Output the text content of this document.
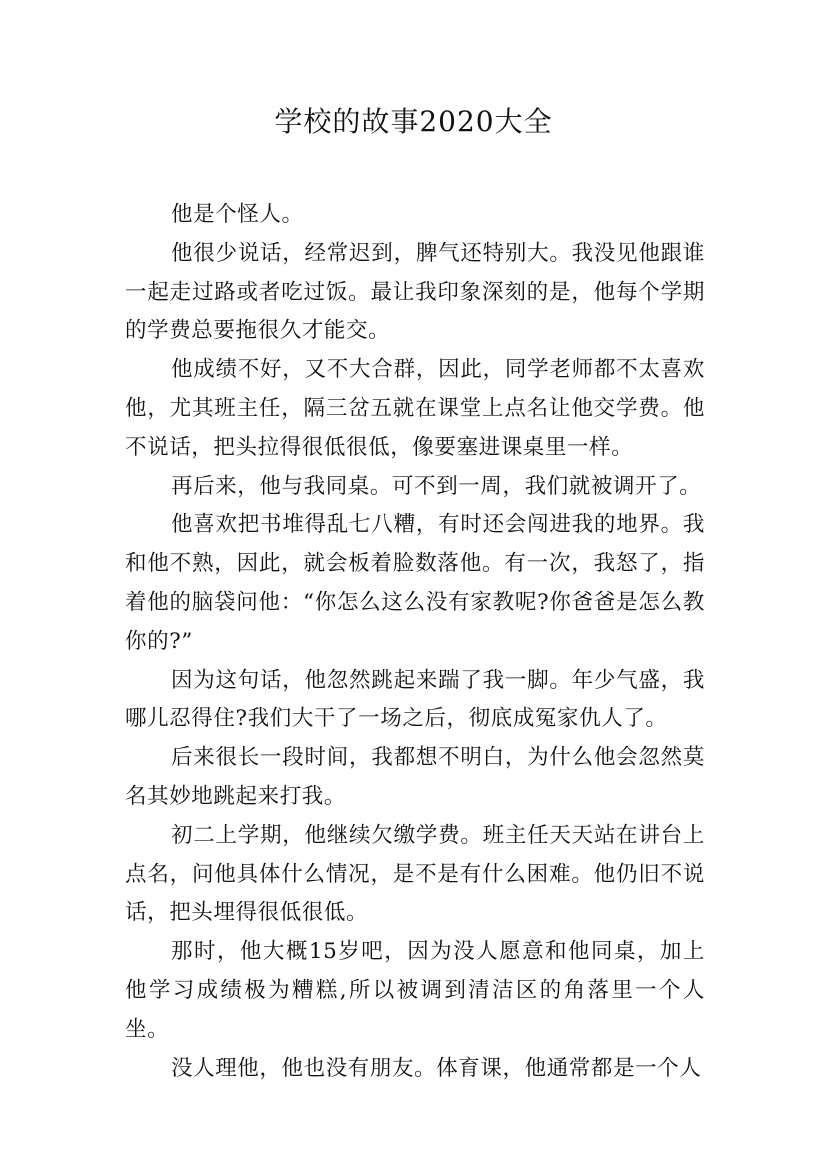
学校的故事2020大全

他是个怪人。

他很少说话，经常迟到，脾气还特别大。我没见他跟谁一起走过路或者吃过饭。最让我印象深刻的是，他每个学期的学费总要拖很久才能交。

他成绩不好，又不大合群，因此，同学老师都不太喜欢他，尤其班主任，隔三岔五就在课堂上点名让他交学费。他不说话，把头拉得很低很低，像要塞进课桌里一样。

再后来，他与我同桌。可不到一周，我们就被调开了。

他喜欢把书堆得乱七八糟，有时还会闯进我的地界。我和他不熟，因此，就会板着脸数落他。有一次，我怒了，指着他的脑袋问他：“你怎么这么没有家教呢?你爸爸是怎么教你的?”

因为这句话，他忽然跳起来踹了我一脚。年少气盛，我哪儿忍得住?我们大干了一场之后，彻底成冤家仇人了。

后来很长一段时间，我都想不明白，为什么他会忽然莫名其妙地跳起来打我。

初二上学期，他继续欠缴学费。班主任天天站在讲台上点名，问他具体什么情况，是不是有什么困难。他仍旧不说话，把头埋得很低很低。

那时，他大概15岁吧，因为没人愿意和他同桌，加上他学习成绩极为糟糕,所以被调到清洁区的角落里一个人坐。

没人理他，他也没有朋友。体育课，他通常都是一个人
